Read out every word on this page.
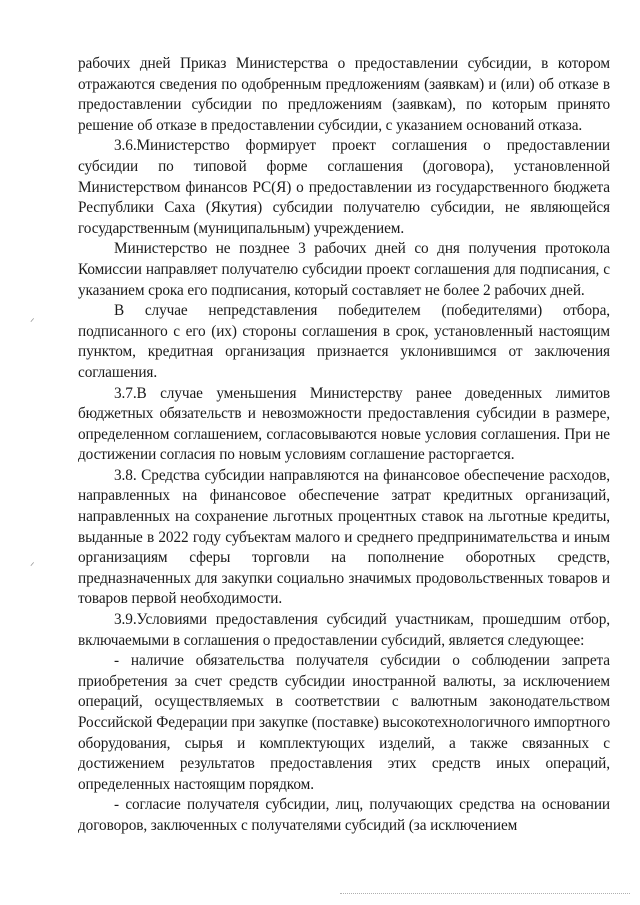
рабочих дней Приказ Министерства о предоставлении субсидии, в котором отражаются сведения по одобренным предложениям (заявкам) и (или) об отказе в предоставлении субсидии по предложениям (заявкам), по которым принято решение об отказе в предоставлении субсидии, с указанием оснований отказа.

3.6.Министерство формирует проект соглашения о предоставлении субсидии по типовой форме соглашения (договора), установленной Министерством финансов РС(Я) о предоставлении из государственного бюджета Республики Саха (Якутия) субсидии получателю субсидии, не являющейся государственным (муниципальным) учреждением.

Министерство не позднее 3 рабочих дней со дня получения протокола Комиссии направляет получателю субсидии проект соглашения для подписания, с указанием срока его подписания, который составляет не более 2 рабочих дней.

В случае непредставления победителем (победителями) отбора, подписанного с его (их) стороны соглашения в срок, установленный настоящим пунктом, кредитная организация признается уклонившимся от заключения соглашения.

3.7.В случае уменьшения Министерству ранее доведенных лимитов бюджетных обязательств и невозможности предоставления субсидии в размере, определенном соглашением, согласовываются новые условия соглашения. При не достижении согласия по новым условиям соглашение расторгается.

3.8. Средства субсидии направляются на финансовое обеспечение расходов, направленных на финансовое обеспечение затрат кредитных организаций, направленных на сохранение льготных процентных ставок на льготные кредиты, выданные в 2022 году субъектам малого и среднего предпринимательства и иным организациям сферы торговли на пополнение оборотных средств, предназначенных для закупки социально значимых продовольственных товаров и товаров первой необходимости.

3.9.Условиями предоставления субсидий участникам, прошедшим отбор, включаемыми в соглашения о предоставлении субсидий, является следующее:

- наличие обязательства получателя субсидии о соблюдении запрета приобретения за счет средств субсидии иностранной валюты, за исключением операций, осуществляемых в соответствии с валютным законодательством Российской Федерации при закупке (поставке) высокотехнологичного импортного оборудования, сырья и комплектующих изделий, а также связанных с достижением результатов предоставления этих средств иных операций, определенных настоящим порядком.

- согласие получателя субсидии, лиц, получающих средства на основании договоров, заключенных с получателями субсидий (за исключением

ᐟ
ᐟ
